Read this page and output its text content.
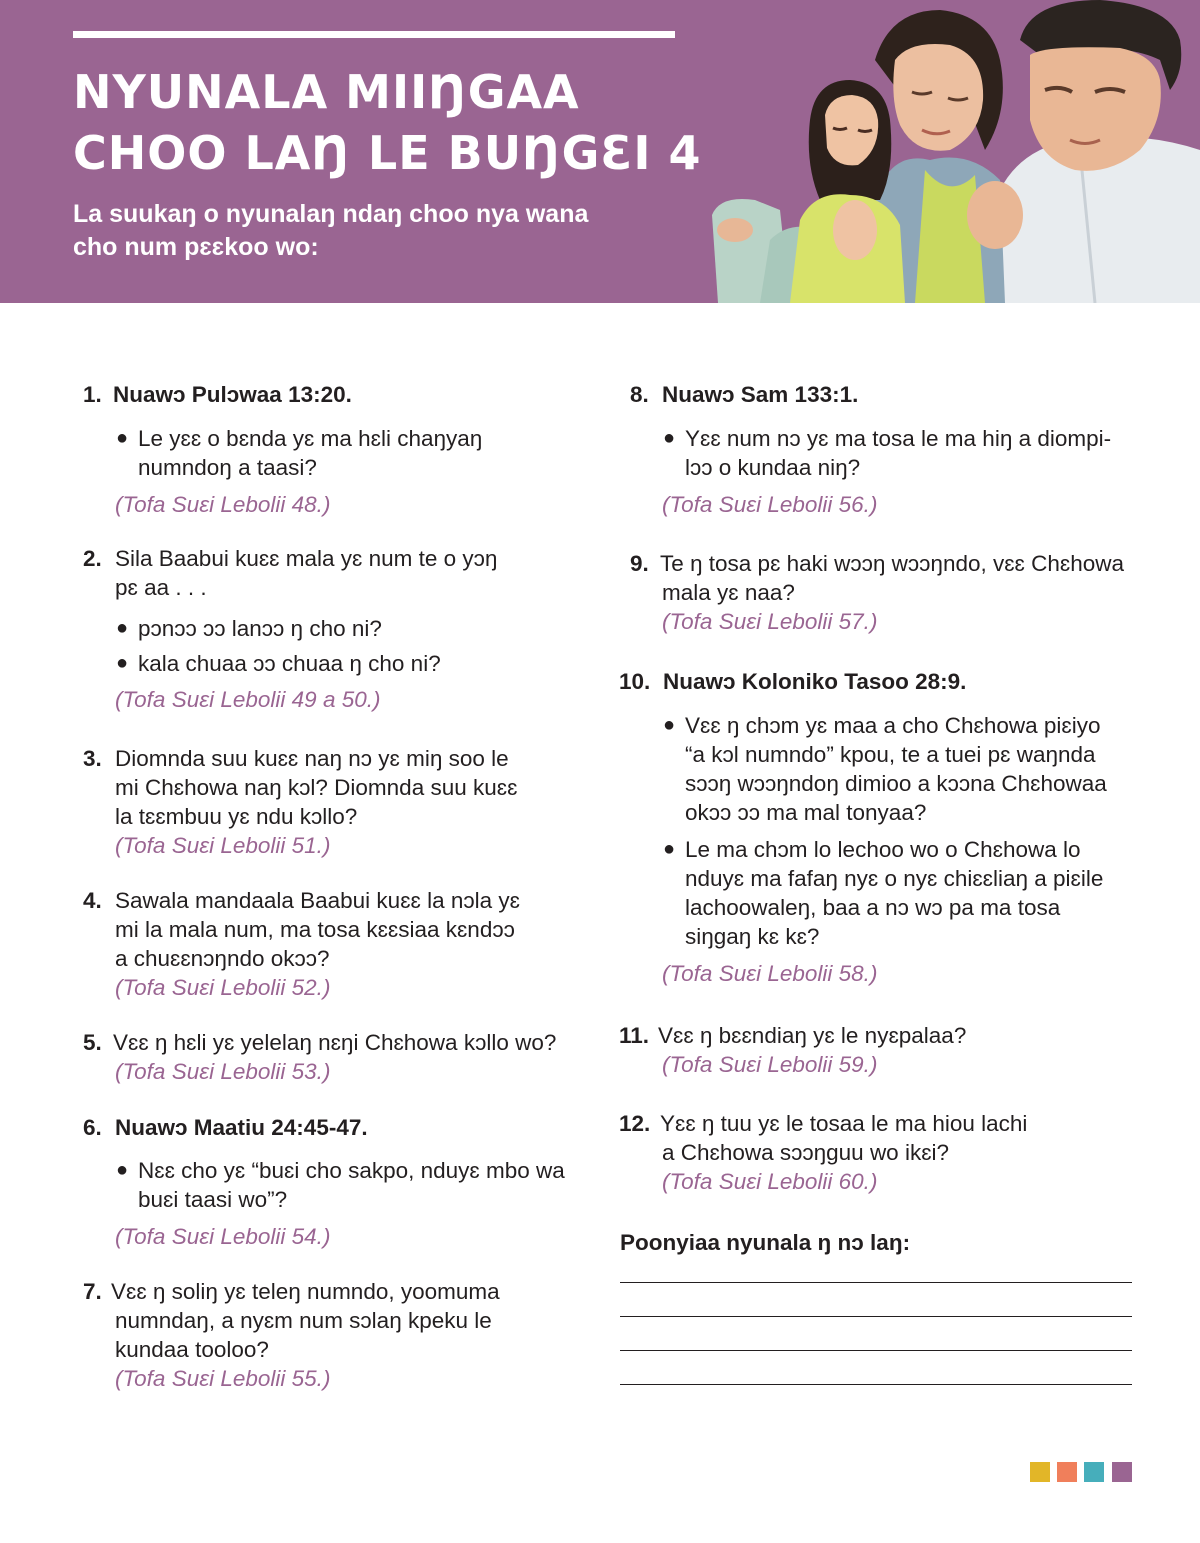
NYUNALA MIIŊGAA
CHOO LAŊ LE BUŊGƐI 4
La suukaŋ o nyunalaŋ ndaŋ choo nya wana
cho num pɛɛkoo wo:
1. Nuawɔ Pulɔwaa 13:20.
● Le yɛɛ o bɛnda yɛ ma hɛli chaŋyaŋ
numndoŋ a taasi?
(Tofa Suɛi Lebolii 48.)
2. Sila Baabui kuɛɛ mala yɛ num te o yɔŋ
pɛ aa . . .
● pɔnɔɔ ɔɔ lanɔɔ ŋ cho ni?
● kala chuaa ɔɔ chuaa ŋ cho ni?
(Tofa Suɛi Lebolii 49 a 50.)
3. Diomnda suu kuɛɛ naŋ nɔ yɛ miŋ soo le
mi Chɛhowa naŋ kɔl? Diomnda suu kuɛɛ
la tɛɛmbuu yɛ ndu kɔllo?
(Tofa Suɛi Lebolii 51.)
4. Sawala mandaala Baabui kuɛɛ la nɔla yɛ
mi la mala num, ma tosa kɛɛsiaa kɛndɔɔ
a chuɛɛnɔŋndo okɔɔ?
(Tofa Suɛi Lebolii 52.)
5. Vɛɛ ŋ hɛli yɛ yelelaŋ nɛŋi Chɛhowa kɔllo wo?
(Tofa Suɛi Lebolii 53.)
6. Nuawɔ Maatiu 24:45-47.
● Nɛɛ cho yɛ “buɛi cho sakpo, nduyɛ mbo wa
buɛi taasi wo”?
(Tofa Suɛi Lebolii 54.)
7. Vɛɛ ŋ soliŋ yɛ teleŋ numndo, yoomuma
numndaŋ, a nyɛm num sɔlaŋ kpeku le
kundaa tooloo?
(Tofa Suɛi Lebolii 55.)
8. Nuawɔ Sam 133:1.
● Yɛɛ num nɔ yɛ ma tosa le ma hiŋ a diompi-
lɔɔ o kundaa niŋ?
(Tofa Suɛi Lebolii 56.)
9. Te ŋ tosa pɛ haki wɔɔŋ wɔɔŋndo, vɛɛ Chɛhowa
mala yɛ naa?
(Tofa Suɛi Lebolii 57.)
10. Nuawɔ Koloniko Tasoo 28:9.
● Vɛɛ ŋ chɔm yɛ maa a cho Chɛhowa piɛiyo
“a kɔl numndo” kpou, te a tuei pɛ waŋnda
sɔɔŋ wɔɔŋndoŋ dimioo a kɔɔna Chɛhowaa
okɔɔ ɔɔ ma mal tonyaa?
● Le ma chɔm lo lechoo wo o Chɛhowa lo
nduyɛ ma fafaŋ nyɛ o nyɛ chiɛɛliaŋ a piɛile
lachoowaleŋ, baa a nɔ wɔ pa ma tosa
siŋgaŋ kɛ kɛ?
(Tofa Suɛi Lebolii 58.)
11. Vɛɛ ŋ bɛɛndiaŋ yɛ le nyɛpalaa?
(Tofa Suɛi Lebolii 59.)
12. Yɛɛ ŋ tuu yɛ le tosaa le ma hiou lachi
a Chɛhowa sɔɔŋguu wo ikɛi?
(Tofa Suɛi Lebolii 60.)
Poonyiaa nyunala ŋ nɔ laŋ:
